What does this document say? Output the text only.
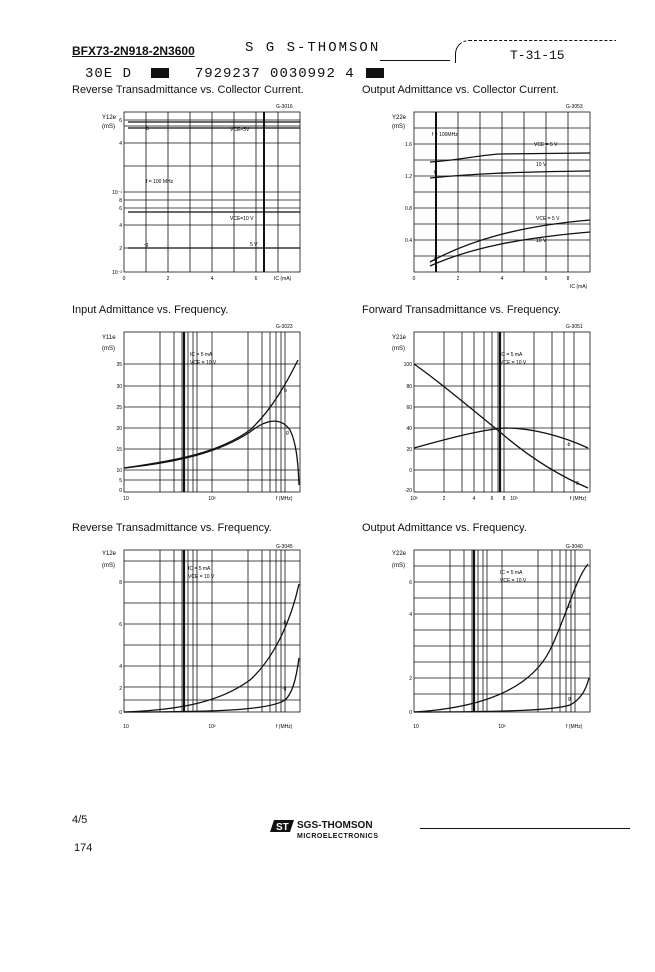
BFX73-2N918-2N3600	S G S-THOMSON	T-31-15
30E D	7929237 0030992 4
Reverse Transadmittance vs. Collector Current.	Output Admittance vs. Collector Current.
Input Admittance vs. Frequency.	Forward Transadmittance vs. Frequency.
Reverse Transadmittance vs. Frequency.	Output Admittance vs. Frequency.
G-3016
Y12e
(mS)
f = 100 MHz
VCE=5V
VCE=10 V
5 V
b
-g
6
4
10⁻¹
8
6
4
2
10⁻²
0	2	4	6	IC (mA)
G-3053
Y22e
(mS)
f = 100MHz
VCE = 5 V
10 V
VCE = 5 V
10 V
b
g
1.6
1.2
0.8
0.4
0	2	4	6	8
IC (mA)
G-3023
Y11e
(mS)
IC = 5 mA
VCE = 10 V
b
g
35
30
25
20
15
10
5
0
10	10²	f (MHz)
G-3051
Y21e
(mS)
IC = 5 mA
VCE = 10 V
-b
g
100
80
60
40
20
0
-20
10²	2	4	6 8 10³	f (MHz)
G-3045
Y12e
(mS)	IC = 5 mA
VCE = 10 V
-b
-g
8
6
4
2
0
10	10²	f (MHz)
G-3040
Y22e
(mS)
IC = 5 mA
VCE = 10 V
b
g
6
4
2
0
10	10²	f (MHz)
4/5
174
ST SGS-THOMSON
MICROELECTRONICS
